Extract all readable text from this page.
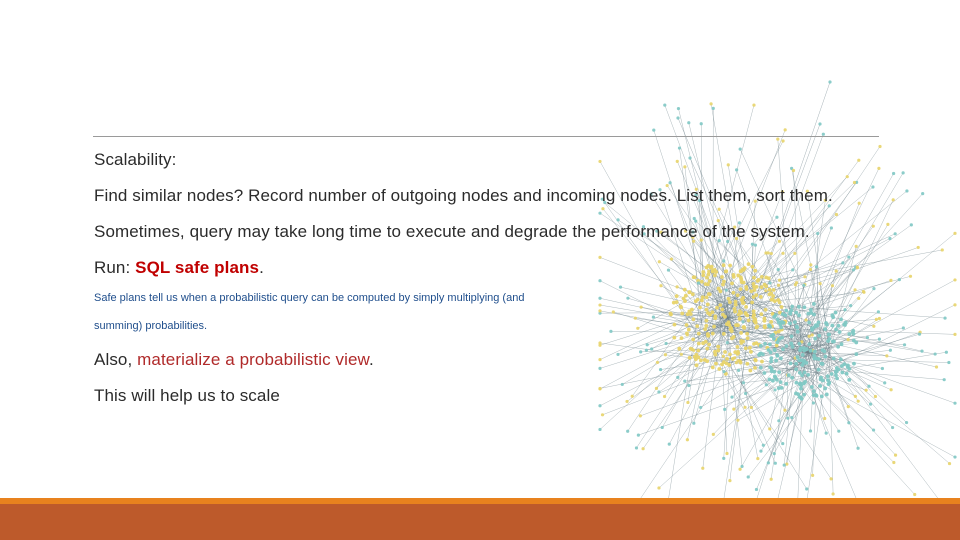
Scalability:
Find similar nodes? Record number of outgoing nodes and incoming nodes. List them, sort them.
Sometimes, query may take long time to execute and degrade the performance of the system.
Run: SQL safe plans.
Safe plans tell us when a probabilistic query can be computed by simply multiplying (and
summing) probabilities.
Also, materialize a probabilistic view.
This will help us to scale
